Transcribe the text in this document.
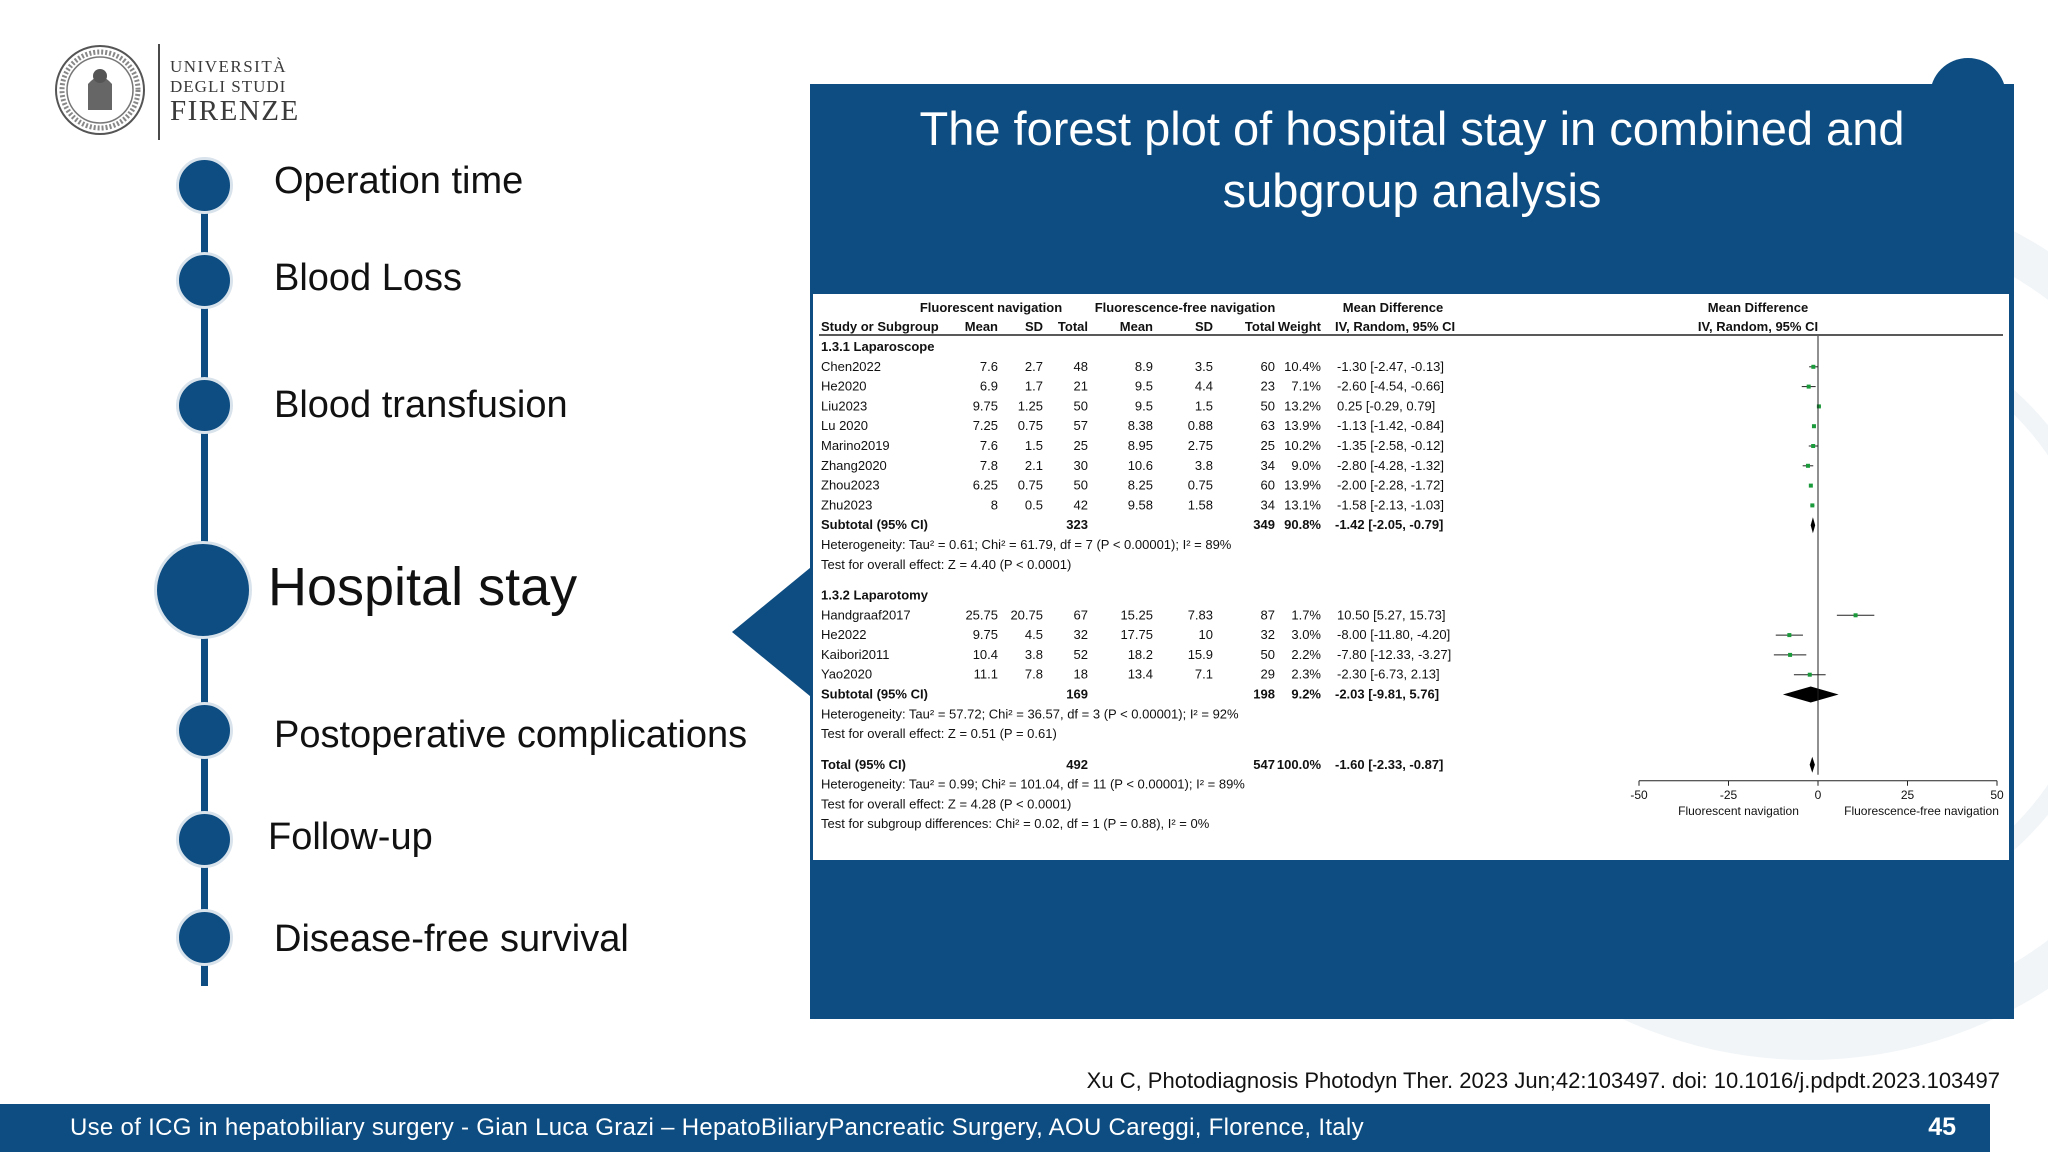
UNIVERSITÀ
DEGLI STUDI
FIRENZE
Operation time
Blood Loss
Blood transfusion
Hospital stay
Postoperative complications
Follow-up
Disease-free survival
The forest plot of hospital stay in combined and subgroup analysis
Fluorescent navigation	Fluorescence-free navigation	Mean Difference	Mean Difference
Study or Subgroup Mean SD Total Mean	SD Total Weight IV, Random, 95% CI	IV, Random, 95% CI
1.3.1 Laparoscope
Chen2022	7.6 2.7 48	8.9	3.5	60 10.4% -1.30 [-2.47, -0.13]
He2020	6.9 1.7 21	9.5	4.4	23 7.1% -2.60 [-4.54, -0.66]
Liu2023	9.75 1.25 50	9.5	1.5	50 13.2% 0.25 [-0.29, 0.79]
Lu 2020	7.25 0.75 57	8.38	0.88	63 13.9% -1.13 [-1.42, -0.84]
Marino2019	7.6 1.5 25	8.95	2.75	25 10.2% -1.35 [-2.58, -0.12]
Zhang2020	7.8 2.1 30	10.6	3.8	34 9.0% -2.80 [-4.28, -1.32]
Zhou2023	6.25 0.75 50	8.25	0.75	60 13.9% -2.00 [-2.28, -1.72]
Zhu2023	8 0.5 42	9.58	1.58	34 13.1% -1.58 [-2.13, -1.03]
Subtotal (95% CI)	323	349 90.8% -1.42 [-2.05, -0.79]
Heterogeneity: Tau² = 0.61; Chi² = 61.79, df = 7 (P < 0.00001); I² = 89%
Test for overall effect: Z = 4.40 (P < 0.0001)
1.3.2 Laparotomy
Handgraaf2017	25.75 20.75 67 15.25	7.83	87 1.7% 10.50 [5.27, 15.73]
He2022	9.75 4.5 32 17.75	10	32 3.0% -8.00 [-11.80, -4.20]
Kaibori2011	10.4 3.8 52	18.2	15.9	50 2.2% -7.80 [-12.33, -3.27]
Yao2020	11.1 7.8 18	13.4	7.1	29 2.3% -2.30 [-6.73, 2.13]
Subtotal (95% CI)	169	198 9.2% -2.03 [-9.81, 5.76]
Heterogeneity: Tau² = 57.72; Chi² = 36.57, df = 3 (P < 0.00001); I² = 92%
Test for overall effect: Z = 0.51 (P = 0.61)
Total (95% CI)	492	547 100.0% -1.60 [-2.33, -0.87]
Heterogeneity: Tau² = 0.99; Chi² = 101.04, df = 11 (P < 0.00001); I² = 89%
Test for overall effect: Z = 4.28 (P < 0.0001)
Test for subgroup differences: Chi² = 0.02, df = 1 (P = 0.88), I² = 0%
-50	-25	0	25	50
Fluorescent navigation	Fluorescence-free navigation
Xu C, Photodiagnosis Photodyn Ther. 2023 Jun;42:103497. doi: 10.1016/j.pdpdt.2023.103497
Use of ICG in hepatobiliary surgery - Gian Luca Grazi – HepatoBiliaryPancreatic Surgery, AOU Careggi, Florence, Italy	45
